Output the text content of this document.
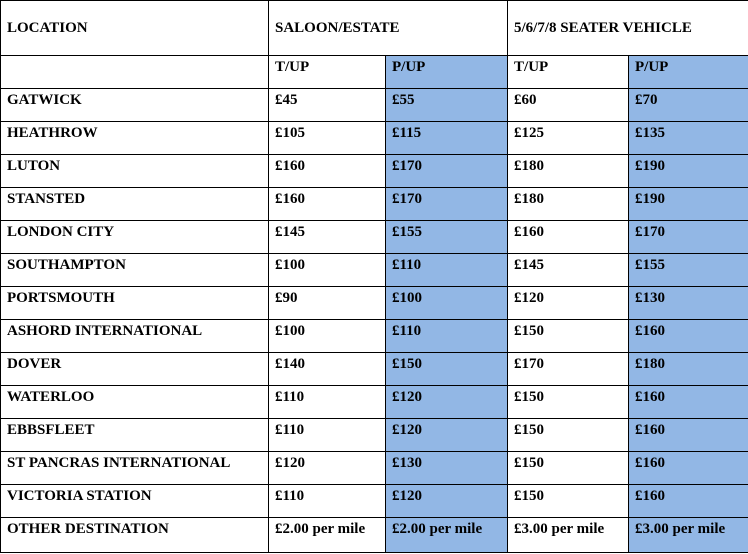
LOCATION	SALOON/ESTATE		5/6/7/8 SEATER VEHICLE	
	T/UP	P/UP	T/UP	P/UP
GATWICK	£45	£55	£60	£70
HEATHROW	£105	£115	£125	£135
LUTON	£160	£170	£180	£190
STANSTED	£160	£170	£180	£190
LONDON CITY	£145	£155	£160	£170
SOUTHAMPTON	£100	£110	£145	£155
PORTSMOUTH	£90	£100	£120	£130
ASHORD INTERNATIONAL	£100	£110	£150	£160
DOVER	£140	£150	£170	£180
WATERLOO	£110	£120	£150	£160
EBBSFLEET	£110	£120	£150	£160
ST PANCRAS INTERNATIONAL	£120	£130	£150	£160
VICTORIA STATION	£110	£120	£150	£160
OTHER DESTINATION	£2.00 per mile	£2.00 per mile	£3.00 per mile	£3.00 per mile
